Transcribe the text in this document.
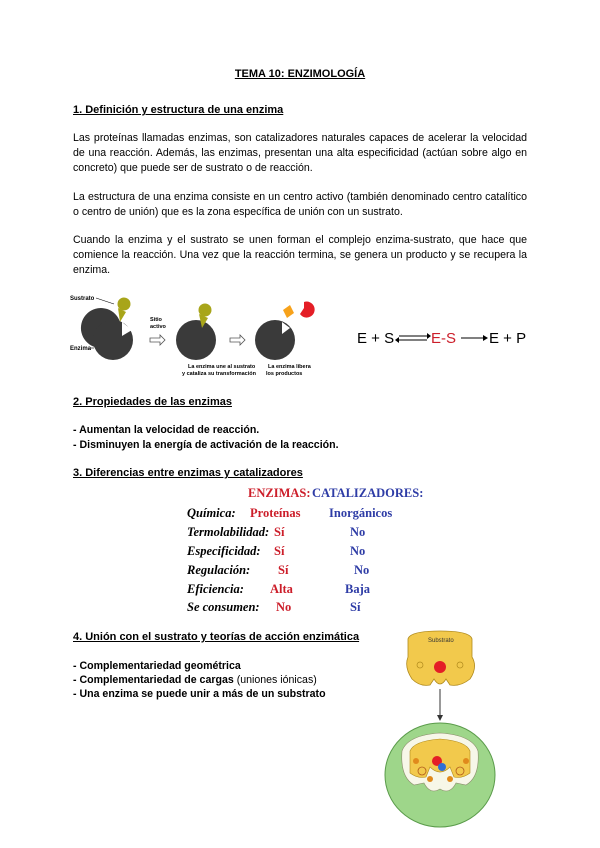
TEMA 10: ENZIMOLOGÍA
1. Definición y estructura de una enzima
Las proteínas llamadas enzimas, son catalizadores naturales capaces de acelerar la velocidad de una reacción. Además, las enzimas, presentan una alta especificidad (actúan sobre algo en concreto) que puede ser de sustrato o de reacción.
La estructura de una enzima consiste en un centro activo (también denominado centro catalítico o centro de unión) que es la zona específica de unión con un sustrato.
Cuando la enzima y el sustrato se unen forman el complejo enzima-sustrato, que hace que comience la reacción. Una vez que la reacción termina, se genera un producto y se recupera la enzima.
Sustrato
Enzima
Sitio
activo
La enzima une al sustrato
y cataliza su transformación
La enzima libera
los productos
E + S E-S E + P
2. Propiedades de las enzimas
- Aumentan la velocidad de reacción.
- Disminuyen la energía de activación de la reacción.
3. Diferencias entre enzimas y catalizadores
ENZIMAS: CATALIZADORES:
Química: Proteínas Inorgánicos
Termolabilidad: Sí	No
Especificidad: Sí	No
Regulación: Sí	No
Eficiencia: Alta	Baja
Se consumen: No	Sí
4. Unión con el sustrato y teorías de acción enzimática
- Complementariedad geométrica
- Complementariedad de cargas (uniones iónicas)
- Una enzima se puede unir a más de un substrato
Substrato
